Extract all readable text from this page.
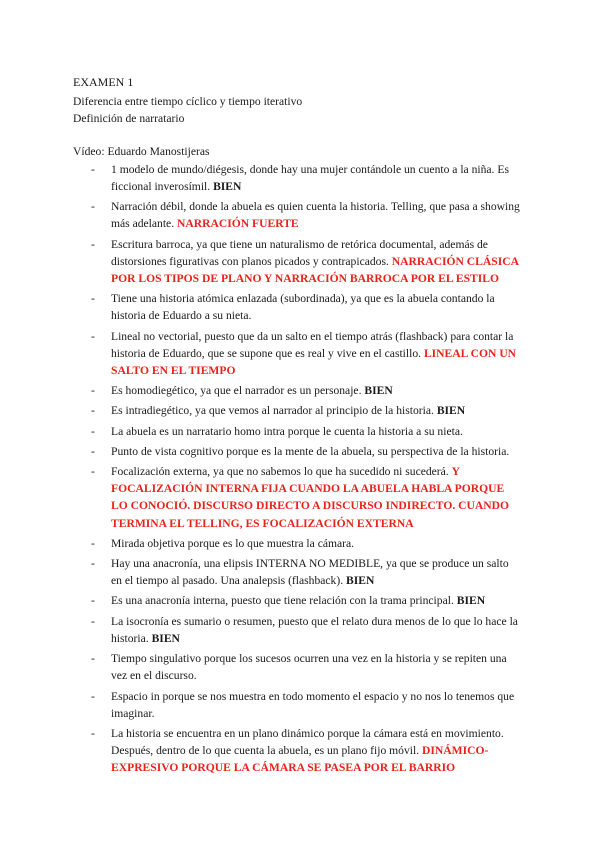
EXAMEN 1

Diferencia entre tiempo cíclico y tiempo iterativo

Definición de narratario

Vídeo: Eduardo Manostijeras

- 1 modelo de mundo/diégesis, donde hay una mujer contándole un cuento a la niña. Es ficcional inverosímil. BIEN
- Narración débil, donde la abuela es quien cuenta la historia. Telling, que pasa a showing más adelante. NARRACIÓN FUERTE
- Escritura barroca, ya que tiene un naturalismo de retórica documental, además de distorsiones figurativas con planos picados y contrapicados. NARRACIÓN CLÁSICA POR LOS TIPOS DE PLANO Y NARRACIÓN BARROCA POR EL ESTILO
- Tiene una historia atómica enlazada (subordinada), ya que es la abuela contando la historia de Eduardo a su nieta.
- Lineal no vectorial, puesto que da un salto en el tiempo atrás (flashback) para contar la historia de Eduardo, que se supone que es real y vive en el castillo. LINEAL CON UN SALTO EN EL TIEMPO
- Es homodiegético, ya que el narrador es un personaje. BIEN
- Es intradiegético, ya que vemos al narrador al principio de la historia. BIEN
- La abuela es un narratario homo intra porque le cuenta la historia a su nieta.
- Punto de vista cognitivo porque es la mente de la abuela, su perspectiva de la historia.
- Focalización externa, ya que no sabemos lo que ha sucedido ni sucederá. Y FOCALIZACIÓN INTERNA FIJA CUANDO LA ABUELA HABLA PORQUE LO CONOCIÓ. DISCURSO DIRECTO A DISCURSO INDIRECTO. CUANDO TERMINA EL TELLING, ES FOCALIZACIÓN EXTERNA
- Mirada objetiva porque es lo que muestra la cámara.
- Hay una anacronía, una elipsis INTERNA NO MEDIBLE, ya que se produce un salto en el tiempo al pasado. Una analepsis (flashback). BIEN
- Es una anacronía interna, puesto que tiene relación con la trama principal. BIEN
- La isocronía es sumario o resumen, puesto que el relato dura menos de lo que lo hace la historia. BIEN
- Tiempo singulativo porque los sucesos ocurren una vez en la historia y se repiten una vez en el discurso.
- Espacio in porque se nos muestra en todo momento el espacio y no nos lo tenemos que imaginar.
- La historia se encuentra en un plano dinámico porque la cámara está en movimiento. Después, dentro de lo que cuenta la abuela, es un plano fijo móvil. DINÁMICO-EXPRESIVO PORQUE LA CÁMARA SE PASEA POR EL BARRIO
